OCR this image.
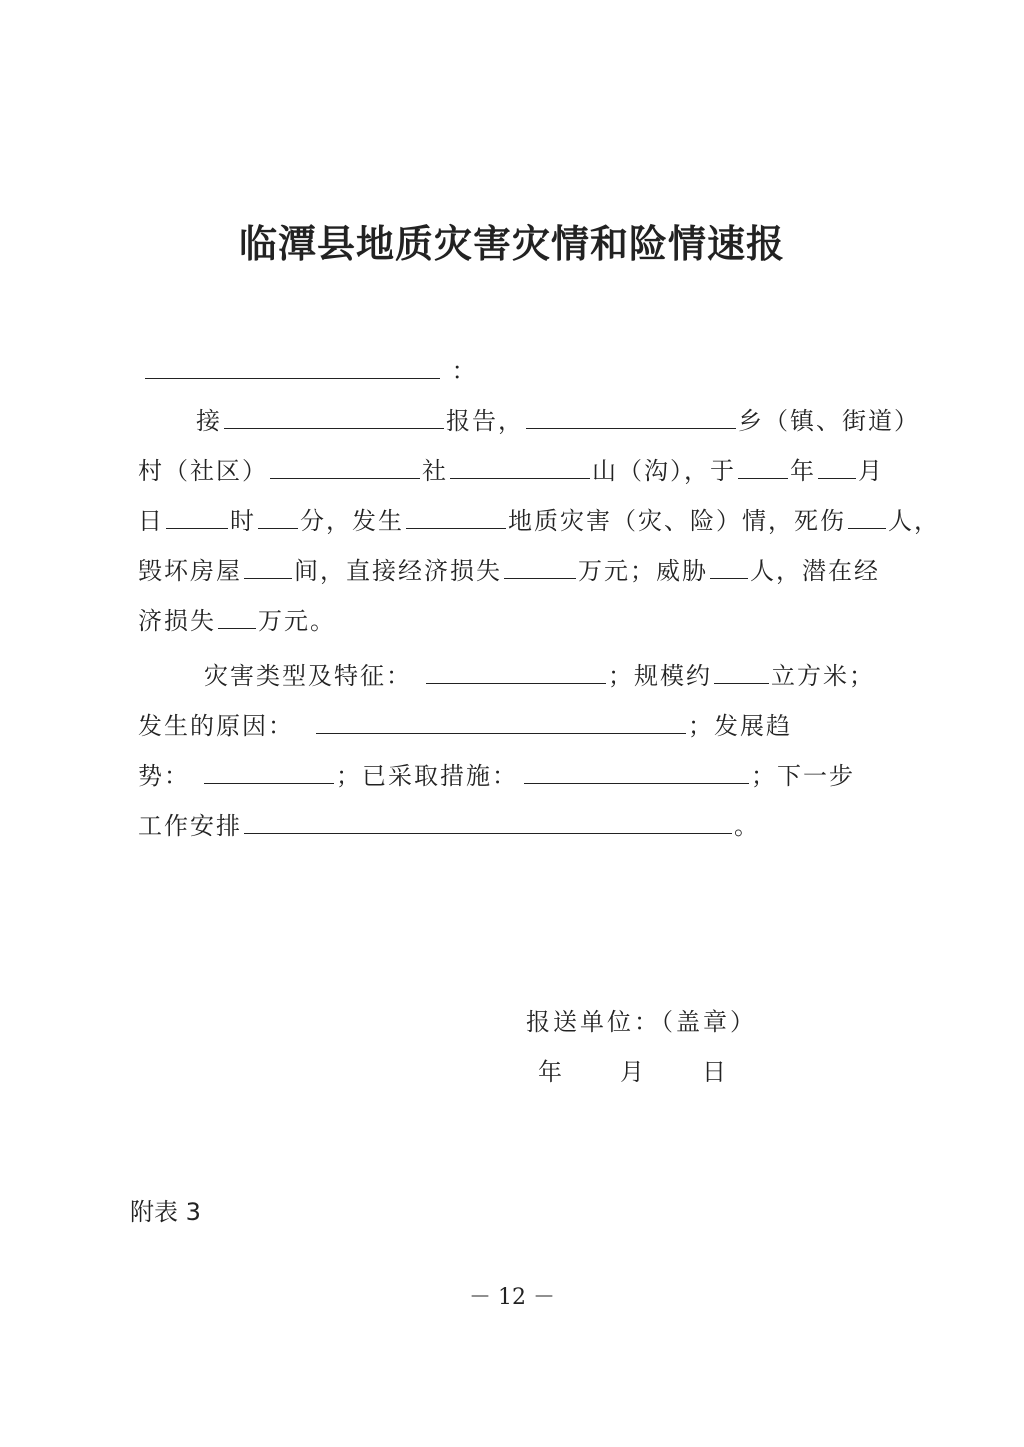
临潭县地质灾害灾情和险情速报
：
接	报告，	乡（镇、街道）
村（社区）	社	山（沟），于 年 月
日	时 分，发生	地质灾害（灾、险）情，死伤 人，
毁坏房屋 间，直接经济损失	万元；威胁 人，潜在经
济损失 万元。
灾害类型及特征：	；规模约 立方米；
发生的原因：	；发展趋
势：	；已采取措施：	；下一步
工作安排	。
报送单位：（盖章）
年 月 日
附表 3
－ 12 －
